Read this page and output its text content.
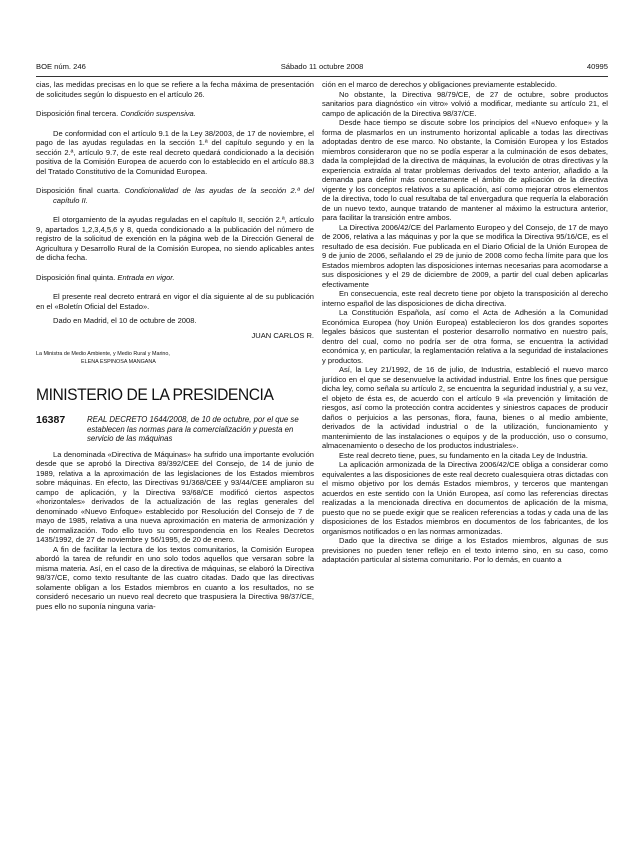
BOE núm. 246	Sábado 11 octubre 2008	40995

cias, las medidas precisas en lo que se refiere a la fecha máxima de presentación de solicitudes según lo dispuesto en el artículo 26.

Disposición final tercera. Condición suspensiva.

De conformidad con el artículo 9.1 de la Ley 38/2003, de 17 de noviembre, el pago de las ayudas reguladas en la sección 1.ª del capítulo segundo y en la sección 2.ª, artículo 9.7, de este real decreto quedará condicionado a la decisión positiva de la Comisión Europea de acuerdo con lo establecido en el artículo 88.3 del Tratado Constitutivo de la Comunidad Europea.

Disposición final cuarta. Condicionalidad de las ayudas de la sección 2.ª del capítulo II.

El otorgamiento de la ayudas reguladas en el capítulo II, sección 2.ª, artículo 9, apartados 1,2,3,4,5,6 y 8, queda condicionado a la publicación del número de registro de la solicitud de exención en la página web de la Dirección General de Agricultura y Desarrollo Rural de la Comisión Europea, no siendo aplicables antes de dicha fecha.

Disposición final quinta. Entrada en vigor.

El presente real decreto entrará en vigor el día siguiente al de su publicación en el «Boletín Oficial del Estado».

Dado en Madrid, el 10 de octubre de 2008.

JUAN CARLOS R.

La Ministra de Medio Ambiente, y Medio Rural y Marino,
ELENA ESPINOSA MANGANA
MINISTERIO DE LA PRESIDENCIA
16387	REAL DECRETO 1644/2008, de 10 de octubre, por el que se establecen las normas para la comercialización y puesta en servicio de las máquinas

La denominada «Directiva de Máquinas» ha sufrido una importante evolución desde que se aprobó la Directiva 89/392/CEE del Consejo, de 14 de junio de 1989, relativa a la aproximación de las legislaciones de los Estados miembros sobre máquinas. En efecto, las Directivas 91/368/CEE y 93/44/CEE ampliaron su campo de aplicación, y la Directiva 93/68/CE modificó ciertos aspectos «horizontales» derivados de la actualización de las reglas generales del denominado «Nuevo Enfoque» establecido por Resolución del Consejo de 7 de mayo de 1985, relativa a una nueva aproximación en materia de armonización y de normalización. Todo ello tuvo su correspondencia en los Reales Decretos 1435/1992, de 27 de noviembre y 56/1995, de 20 de enero.

A fin de facilitar la lectura de los textos comunitarios, la Comisión Europea abordó la tarea de refundir en uno solo todos aquellos que versaran sobre la misma materia. Así, en el caso de la directiva de máquinas, se elaboró la Directiva 98/37/CE, como texto resultante de las cuatro citadas. Dado que las directivas solamente obligan a los Estados miembros en cuanto a los resultados, no se consideró necesario un nuevo real decreto que traspusiera la Directiva 98/37/CE, pues ello no suponía ninguna varia-

ción en el marco de derechos y obligaciones previamente establecido.

No obstante, la Directiva 98/79/CE, de 27 de octubre, sobre productos sanitarios para diagnóstico «in vitro» volvió a modificar, mediante su artículo 21, el campo de aplicación de la Directiva 98/37/CE.

Desde hace tiempo se discute sobre los principios del «Nuevo enfoque» y la forma de plasmarlos en un instrumento horizontal aplicable a todas las directivas adoptadas dentro de ese marco. No obstante, la Comisión Europea y los Estados miembros consideraron que no se podía esperar a la culminación de esos debates, dada la complejidad de la directiva de máquinas, la evolución de otras directivas y la experiencia extraída al tratar problemas derivados del texto anterior, añadido a la demanda para definir más concretamente el ámbito de aplicación de la directiva vigente y los conceptos relativos a su aplicación, así como mejorar otros elementos de la directiva, todo lo cual resultaba de tal envergadura que requería la elaboración de un nuevo texto, aunque tratando de mantener al máximo la estructura anterior, para facilitar la transición entre ambos.

La Directiva 2006/42/CE del Parlamento Europeo y del Consejo, de 17 de mayo de 2006, relativa a las máquinas y por la que se modifica la Directiva 95/16/CE, es el resultado de esa decisión. Fue publicada en el Diario Oficial de la Unión Europea de 9 de junio de 2006, señalando el 29 de junio de 2008 como fecha límite para que los Estados miembros adopten las disposiciones internas necesarias para acomodarse a sus disposiciones y el 29 de diciembre de 2009, a partir del cual deben aplicarlas efectivamente

En consecuencia, este real decreto tiene por objeto la transposición al derecho interno español de las disposiciones de dicha directiva.

La Constitución Española, así como el Acta de Adhesión a la Comunidad Económica Europea (hoy Unión Europea) establecieron los dos grandes soportes legales básicos que sustentan el posterior desarrollo normativo en nuestro país, dentro del cual, como no podría ser de otra forma, se encuentra la actividad económica y, en particular, la reglamentación relativa a la seguridad de instalaciones y productos.

Así, la Ley 21/1992, de 16 de julio, de Industria, estableció el nuevo marco jurídico en el que se desenvuelve la actividad industrial. Entre los fines que persigue dicha ley, como señala su artículo 2, se encuentra la seguridad industrial y, a su vez, el objeto de ésta es, de acuerdo con el artículo 9 «la prevención y limitación de riesgos, así como la protección contra accidentes y siniestros capaces de producir daños o perjuicios a las personas, flora, fauna, bienes o al medio ambiente, derivados de la actividad industrial o de la utilización, funcionamiento y mantenimiento de las instalaciones o equipos y de la producción, uso o consumo, almacenamiento o desecho de los productos industriales».

Este real decreto tiene, pues, su fundamento en la citada Ley de Industria.

La aplicación armonizada de la Directiva 2006/42/CE obliga a considerar como equivalentes a las disposiciones de este real decreto cualesquiera otras dictadas con el mismo objetivo por los demás Estados miembros, y terceros que mantengan acuerdos en este sentido con la Unión Europea, así como las referencias directas realizadas a la mencionada directiva en documentos de aplicación de la misma, puesto que no se puede exigir que se realicen referencias a todas y cada una de las disposiciones de los Estados miembros en documentos de los fabricantes, de los organismos notificados o en las normas armonizadas.

Dado que la directiva se dirige a los Estados miembros, algunas de sus previsiones no pueden tener reflejo en el texto interno sino, en su caso, como adaptación particular al sistema comunitario. Por lo demás, en cuanto a
